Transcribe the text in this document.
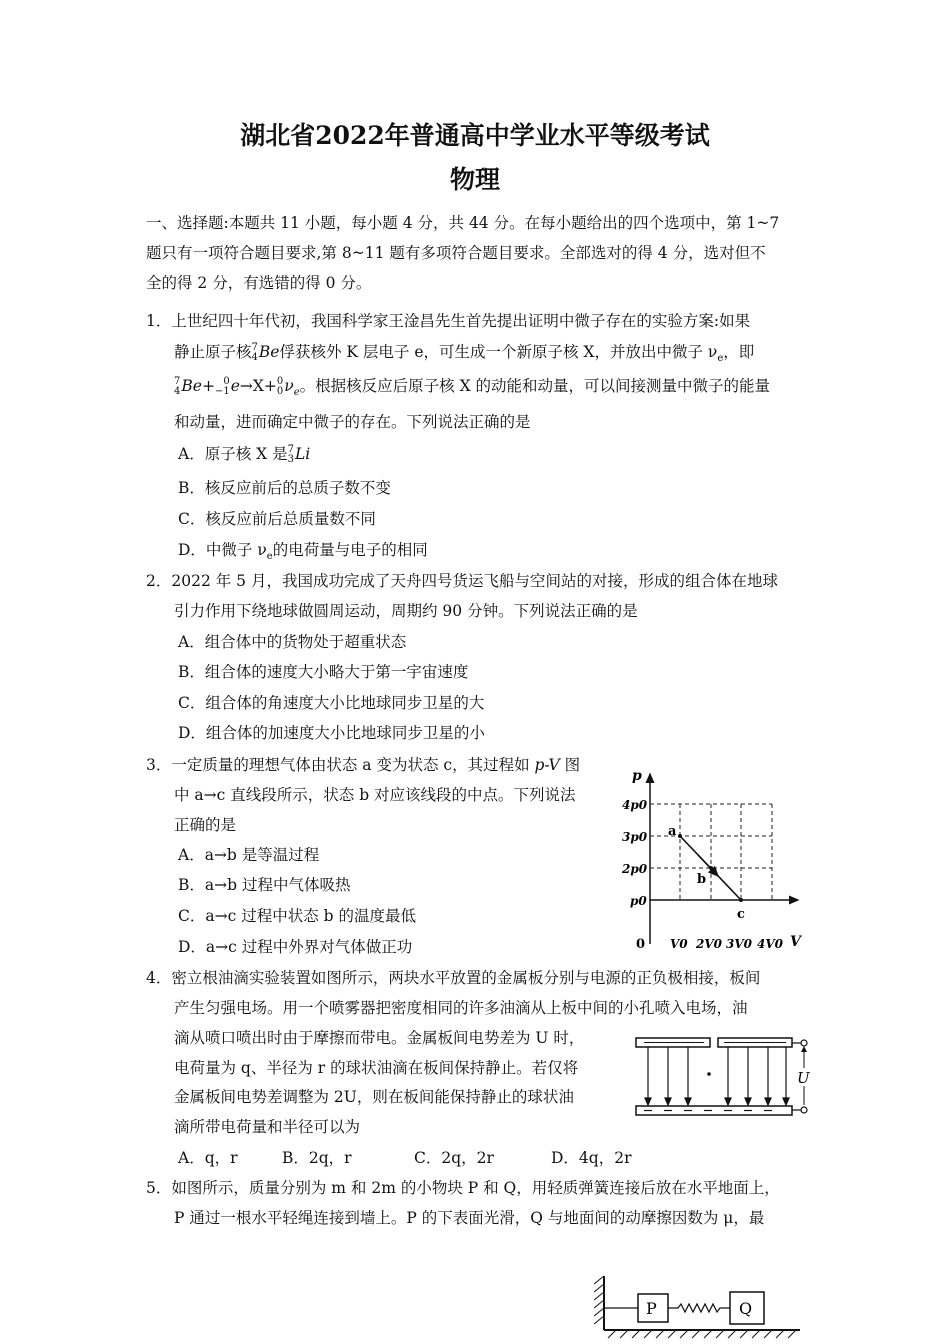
湖北省2022年普通高中学业水平等级考试
物理
一、选择题:本题共 11 小题，每小题 4 分，共 44 分。在每小题给出的四个选项中，第 1~7
题只有一项符合题目要求,第 8~11 题有多项符合题目要求。全部选对的得 4 分，选对但不
全的得 2 分，有选错的得 0 分。
1．上世纪四十年代初，我国科学家王淦昌先生首先提出证明中微子存在的实验方案:如果
静止原子核 7
4 Be俘获核外 K 层电子 e，可生成一个新原子核 X，并放出中微子 $\nu_e$，即
7
4 Be+ 0
−1 e→X+ 0
0 $\nu_e$。根据核反应后原子核 X 的动能和动量，可以间接测量中微子的能量
和动量，进而确定中微子的存在。下列说法正确的是
A．原子核 X 是 7
3 Li
B．核反应前后的总质子数不变
C．核反应前后总质量数不同
D．中微子 $\nu_e$的电荷量与电子的相同
2．2022 年 5 月，我国成功完成了天舟四号货运飞船与空间站的对接，形成的组合体在地球
引力作用下绕地球做圆周运动，周期约 90 分钟。下列说法正确的是
A．组合体中的货物处于超重状态
B．组合体的速度大小略大于第一宇宙速度
C．组合体的角速度大小比地球同步卫星的大
D．组合体的加速度大小比地球同步卫星的小
3．一定质量的理想气体由状态 a 变为状态 c，其过程如 p-V 图
中 a→c 直线段所示，状态 b 对应该线段的中点。下列说法
正确的是
A．a→b 是等温过程
B．a→b 过程中气体吸热
C．a→c 过程中状态 b 的温度最低
D．a→c 过程中外界对气体做正功
a
b
c
p
V
0
4p0
3p0
2p0
p0
V0 2V0 3V0 4V0
4．密立根油滴实验装置如图所示，两块水平放置的金属板分别与电源的正负极相接，板间
产生匀强电场。用一个喷雾器把密度相同的许多油滴从上板中间的小孔喷入电场，油
滴从喷口喷出时由于摩擦而带电。金属板间电势差为 U 时，
电荷量为 q、半径为 r 的球状油滴在板间保持静止。若仅将
金属板间电势差调整为 2U，则在板间能保持静止的球状油
滴所带电荷量和半径可以为
A．q，r	B．2q，r	C．2q，2r	D．4q，2r
U
5．如图所示，质量分别为 m 和 2m 的小物块 P 和 Q，用轻质弹簧连接后放在水平地面上，
P 通过一根水平轻绳连接到墙上。P 的下表面光滑，Q 与地面间的动摩擦因数为 μ，最
P	Q
